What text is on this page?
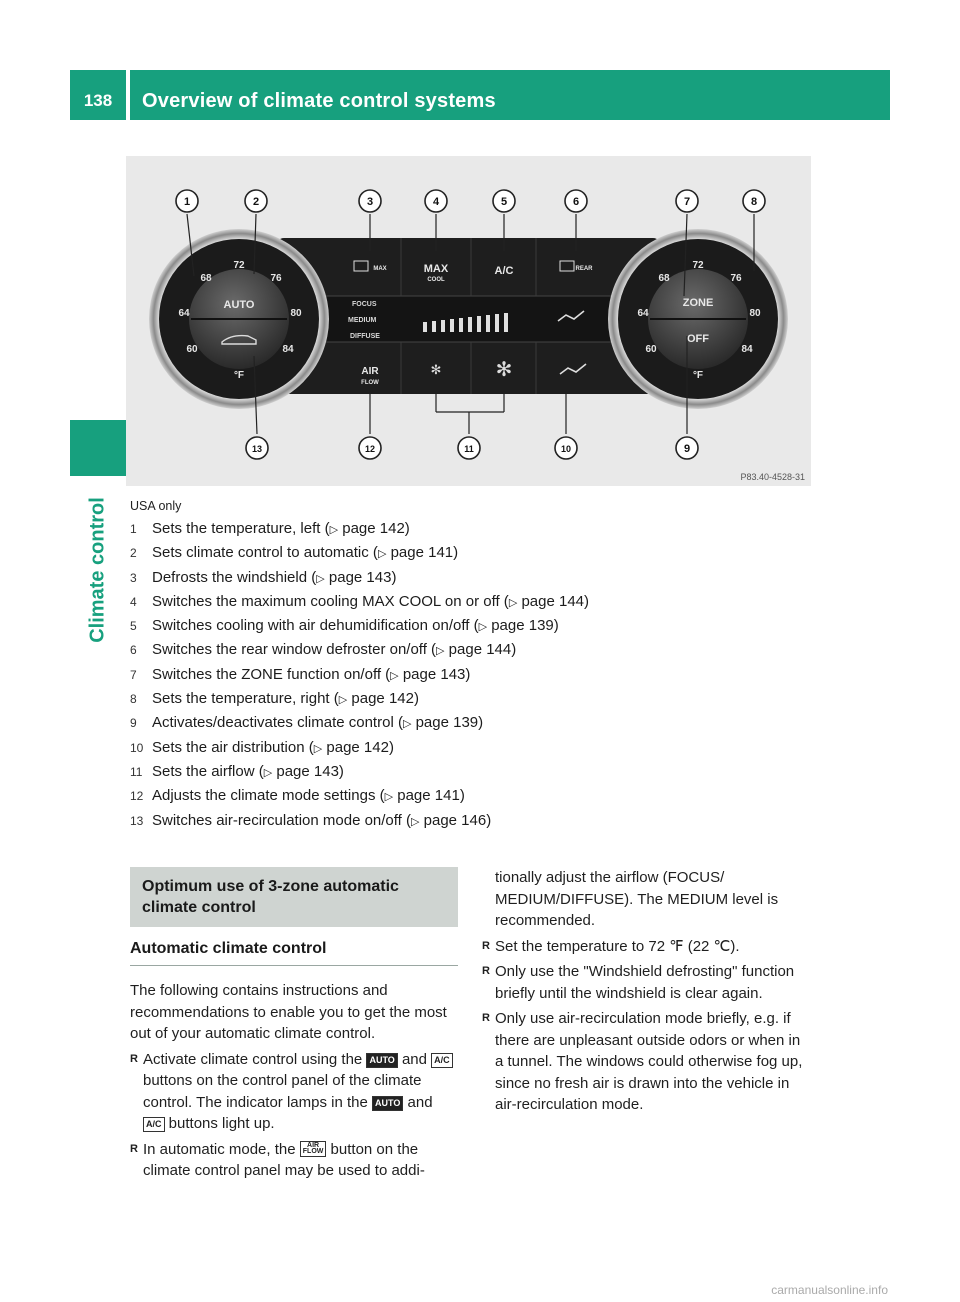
138	Overview of climate control systems
Climate control
68
72
76
64	80
60	84
AUTO
°F
68
72
76
64	80
60	84
ZONE
OFF
°F
MAX	MAX
COOL
A/C	REAR
FOCUS
MEDIUM
DIFFUSE
AIR
FLOW
✻	✻
1	2	3	4	5	6	7	8
9
10
11
12
13
P83.40-4528-31
USA only
1 Sets the temperature, left (▷ page 142)
2 Sets climate control to automatic (▷ page 141)
3 Defrosts the windshield (▷ page 143)
4 Switches the maximum cooling MAX COOL on or off (▷ page 144)
5 Switches cooling with air dehumidification on/off (▷ page 139)
6 Switches the rear window defroster on/off (▷ page 144)
7 Switches the ZONE function on/off (▷ page 143)
8 Sets the temperature, right (▷ page 142)
9 Activates/deactivates climate control (▷ page 139)
10 Sets the air distribution (▷ page 142)
11 Sets the airflow (▷ page 143)
12 Adjusts the climate mode settings (▷ page 141)
13 Switches air-recirculation mode on/off (▷ page 146)
Optimum use of 3-zone automatic climate control
Automatic climate control

The following contains instructions and recommendations to enable you to get the most out of your automatic climate control.

R Activate climate control using the AUTO and A/C buttons on the control panel of the climate control. The indicator lamps in the AUTO and A/C buttons light up.
R In automatic mode, the AIR
FLOW button on the climate control panel may be used to addi-
tionally adjust the airflow (FOCUS/ MEDIUM/DIFFUSE). The MEDIUM level is recommended.
R Set the temperature to 72 ℉ (22 ℃).
R Only use the "Windshield defrosting" function briefly until the windshield is clear again.
R Only use air-recirculation mode briefly, e.g. if there are unpleasant outside odors or when in a tunnel. The windows could otherwise fog up, since no fresh air is drawn into the vehicle in air-recirculation mode.
carmanualsonline.info
